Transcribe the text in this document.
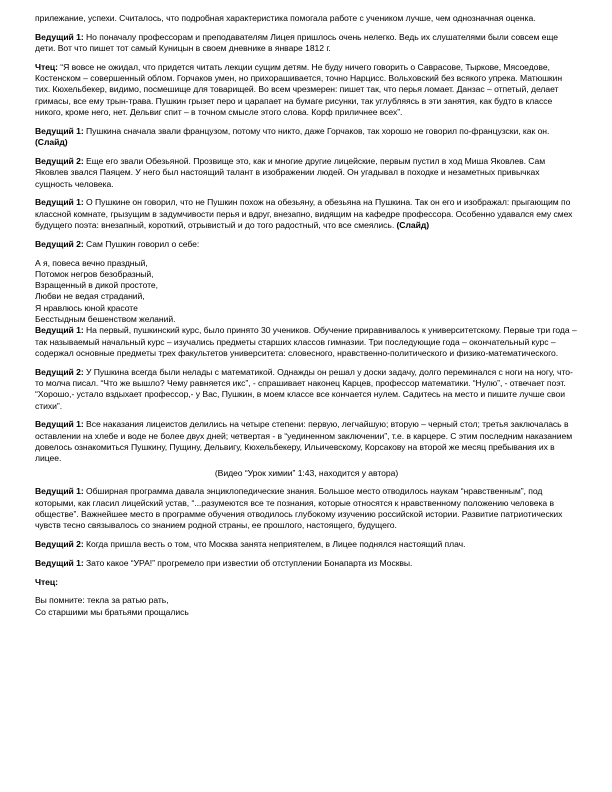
прилежание, успехи. Считалось, что подробная характеристика помогала работе с учеником лучше, чем однозначная оценка.

Ведущий 1: Но поначалу профессорам и преподавателям Лицея пришлось очень нелегко. Ведь их слушателями были совсем еще дети. Вот что пишет тот самый Куницын в своем дневнике в январе 1812 г.

Чтец: “Я вовсе не ожидал, что придется читать лекции сущим детям. Не буду ничего говорить о Саврасове, Тыркове, Мясоедове, Костенском – совершенный облом. Горчаков умен, но прихорашивается, точно Нарцисс. Вольховский без всякого упрека. Матюшкин тих. Кюхельбекер, видимо, посмешище для товарищей. Во всем чрезмерен: пишет так, что перья ломает. Данзас – отпетый, делает гримасы, все ему трын-трава. Пушкин грызет перо и царапает на бумаге рисунки, так углубляясь в эти занятия, как будто в классе никого, кроме него, нет. Дельвиг спит – в точном смысле этого слова. Корф приличнее всех”.

Ведущий 1: Пушкина сначала звали французом, потому что никто, даже Горчаков, так хорошо не говорил по-французски, как он. (Слайд)

Ведущий 2: Еще его звали Обезьяной. Прозвище это, как и многие другие лицейские, первым пустил в ход Миша Яковлев. Сам Яковлев звался Паяцем. У него был настоящий талант в изображении людей. Он угадывал в походке и незаметных привычках сущность человека.

Ведущий 1: О Пушкине он говорил, что не Пушкин похож на обезьяну, а обезьяна на Пушкина. Так он его и изображал: прыгающим по классной комнате, грызущим в задумчивости перья и вдруг, внезапно, видящим на кафедре профессора. Особенно удавался ему смех будущего поэта: внезапный, короткий, отрывистый и до того радостный, что все смеялись. (Слайд)

Ведущий 2: Сам Пушкин говорил о себе:

А я, повеса вечно праздный,
Потомок негров безобразный,
Взращенный в дикой простоте,
Любви не ведая страданий,
Я нравлюсь юной красоте
Бесстыдным бешенством желаний.

Ведущий 1: На первый, пушкинский курс, было принято 30 учеников. Обучение приравнивалось к университетскому. Первые три года – так называемый начальный курс – изучались предметы старших классов гимназии. Три последующие года – окончательный курс – содержал основные предметы трех факультетов университета: словесного, нравственно-политического и физико-математического.

Ведущий 2: У Пушкина всегда были нелады с математикой. Однажды он решал у доски задачу, долго переминался с ноги на ногу, что-то молча писал. “Что же вышло? Чему равняется икс”, - спрашивает наконец Карцев, профессор математики. “Нулю”, - отвечает поэт. “Хорошо,- устало вздыхает профессор,- у Вас, Пушкин, в моем классе все кончается нулем. Садитесь на место и пишите лучше свои стихи”.

Ведущий 1: Все наказания лицеистов делились на четыре степени: первую, легчайшую; вторую – черный стол; третья заключалась в оставлении на хлебе и воде не более двух дней; четвертая - в “уединенном заключении”, т.е. в карцере. С этим последним наказанием довелось ознакомиться Пушкину, Пущину, Дельвигу, Кюхельбекеру, Ильичевскому, Корсакову на второй же месяц пребывания их в лицее.

(Видео “Урок химии” 1:43, находится у автора)

Ведущий 1: Обширная программа давала энциклопедические знания. Большое место отводилось наукам “нравственным”, под которыми, как гласил лицейский устав, “...разумеются все те познания, которые относятся к нравственному положению человека в обществе”. Важнейшее место в программе обучения отводилось глубокому изучению российской истории. Развитие патриотических чувств тесно связывалось со знанием родной страны, ее прошлого, настоящего, будущего.

Ведущий 2: Когда пришла весть о том, что Москва занята неприятелем, в Лицее поднялся настоящий плач.

Ведущий 1: Зато какое “УРА!” прогремело при известии об отступлении Бонапарта из Москвы.

Чтец:

Вы помните: текла за ратью рать,
Со старшими мы братьями прощались
